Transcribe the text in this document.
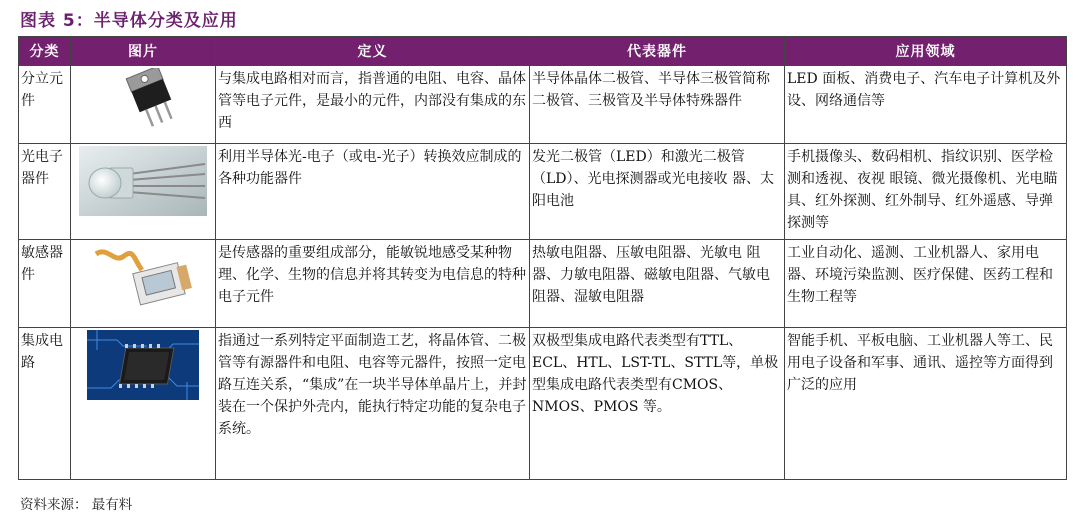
图表 5：半导体分类及应用
分类	图片	定义	代表器件	应用领域
分立元件		与集成电路相对而言，指普通的电阻、电容、晶体管等电子元件，是最小的元件，内部没有集成的东西	半导体晶体二极管、半导体三极管简称二极管、三极管及半导体特殊器件	LED 面板、消费电子、汽车电子计算机及外设、网络通信等
光电子器件		利用半导体光-电子（或电-光子）转换效应制成的各种功能器件	发光二极管（LED）和激光二极管（LD）、光电探测器或光电接收 器、太阳电池	手机摄像头、数码相机、指纹识别、医学检测和透视、夜视 眼镜、微光摄像机、光电瞄具、红外探测、红外制导、红外遥感、导弹探测等
敏感器件		是传感器的重要组成部分，能敏锐地感受某种物理、化学、生物的信息并将其转变为电信息的特种电子元件	热敏电阻器、压敏电阻器、光敏电 阻器、力敏电阻器、磁敏电阻器、气敏电阻器、湿敏电阻器	工业自动化、遥测、工业机器人、家用电器、环境污染监测、医疗保健、医药工程和生物工程等
集成电路		指通过一系列特定平面制造工艺，将晶体管、二极管等有源器件和电阻、电容等元器件，按照一定电路互连关系，“集成”在一块半导体单晶片上，并封装在一个保护外壳内，能执行特定功能的复杂电子系统。	双极型集成电路代表类型有TTL、ECL、HTL、LST-TL、STTL等，单极型集成电路代表类型有CMOS、NMOS、PMOS 等。	智能手机、平板电脑、工业机器人等工、民用电子设备和军事、通讯、遥控等方面得到广泛的应用
资料来源： 最有料
